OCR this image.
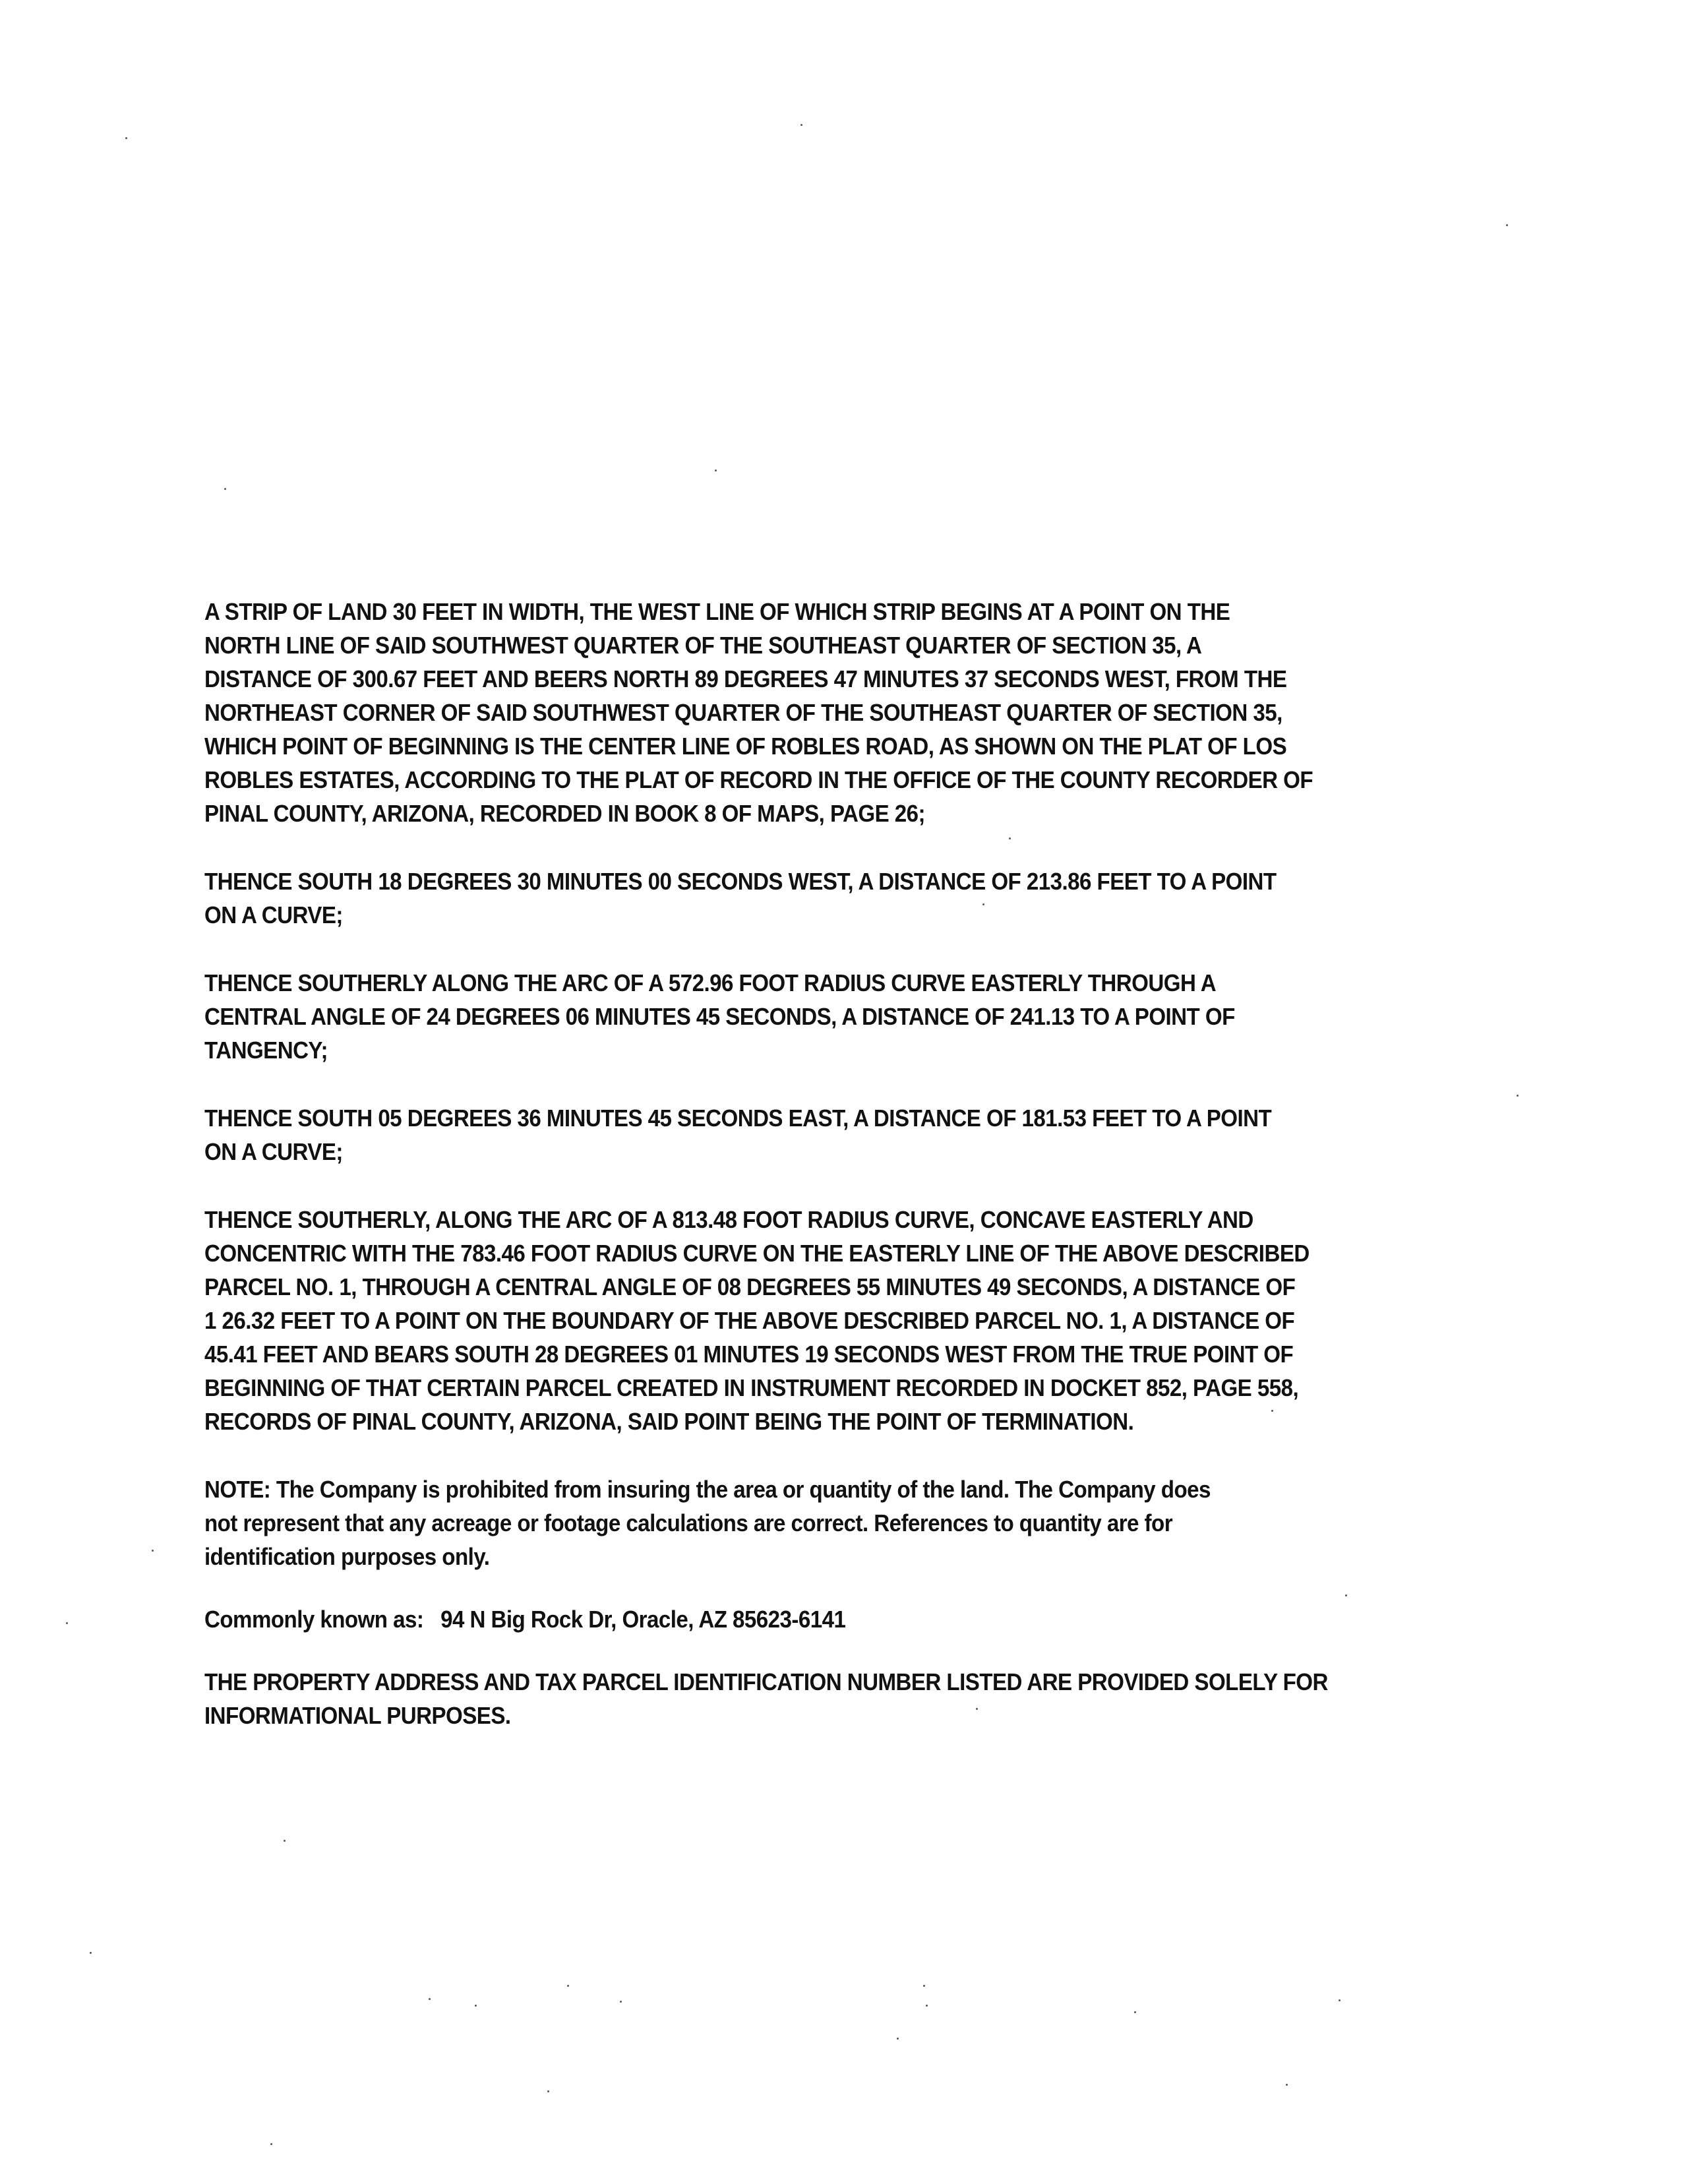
A STRIP OF LAND 30 FEET IN WIDTH, THE WEST LINE OF WHICH STRIP BEGINS AT A POINT ON THE
NORTH LINE OF SAID SOUTHWEST QUARTER OF THE SOUTHEAST QUARTER OF SECTION 35, A
DISTANCE OF 300.67 FEET AND BEERS NORTH 89 DEGREES 47 MINUTES 37 SECONDS WEST, FROM THE
NORTHEAST CORNER OF SAID SOUTHWEST QUARTER OF THE SOUTHEAST QUARTER OF SECTION 35,
WHICH POINT OF BEGINNING IS THE CENTER LINE OF ROBLES ROAD, AS SHOWN ON THE PLAT OF LOS
ROBLES ESTATES, ACCORDING TO THE PLAT OF RECORD IN THE OFFICE OF THE COUNTY RECORDER OF
PINAL COUNTY, ARIZONA, RECORDED IN BOOK 8 OF MAPS, PAGE 26;

THENCE SOUTH 18 DEGREES 30 MINUTES 00 SECONDS WEST, A DISTANCE OF 213.86 FEET TO A POINT
ON A CURVE;

THENCE SOUTHERLY ALONG THE ARC OF A 572.96 FOOT RADIUS CURVE EASTERLY THROUGH A
CENTRAL ANGLE OF 24 DEGREES 06 MINUTES 45 SECONDS, A DISTANCE OF 241.13 TO A POINT OF
TANGENCY;

THENCE SOUTH 05 DEGREES 36 MINUTES 45 SECONDS EAST, A DISTANCE OF 181.53 FEET TO A POINT
ON A CURVE;

THENCE SOUTHERLY, ALONG THE ARC OF A 813.48 FOOT RADIUS CURVE, CONCAVE EASTERLY AND
CONCENTRIC WITH THE 783.46 FOOT RADIUS CURVE ON THE EASTERLY LINE OF THE ABOVE DESCRIBED
PARCEL NO. 1, THROUGH A CENTRAL ANGLE OF 08 DEGREES 55 MINUTES 49 SECONDS, A DISTANCE OF
1 26.32 FEET TO A POINT ON THE BOUNDARY OF THE ABOVE DESCRIBED PARCEL NO. 1, A DISTANCE OF
45.41 FEET AND BEARS SOUTH 28 DEGREES 01 MINUTES 19 SECONDS WEST FROM THE TRUE POINT OF
BEGINNING OF THAT CERTAIN PARCEL CREATED IN INSTRUMENT RECORDED IN DOCKET 852, PAGE 558,
RECORDS OF PINAL COUNTY, ARIZONA, SAID POINT BEING THE POINT OF TERMINATION.

NOTE: The Company is prohibited from insuring the area or quantity of the land. The Company does
not represent that any acreage or footage calculations are correct. References to quantity are for
identification purposes only.

Commonly known as: 94 N Big Rock Dr, Oracle, AZ 85623-6141

THE PROPERTY ADDRESS AND TAX PARCEL IDENTIFICATION NUMBER LISTED ARE PROVIDED SOLELY FOR
INFORMATIONAL PURPOSES.
